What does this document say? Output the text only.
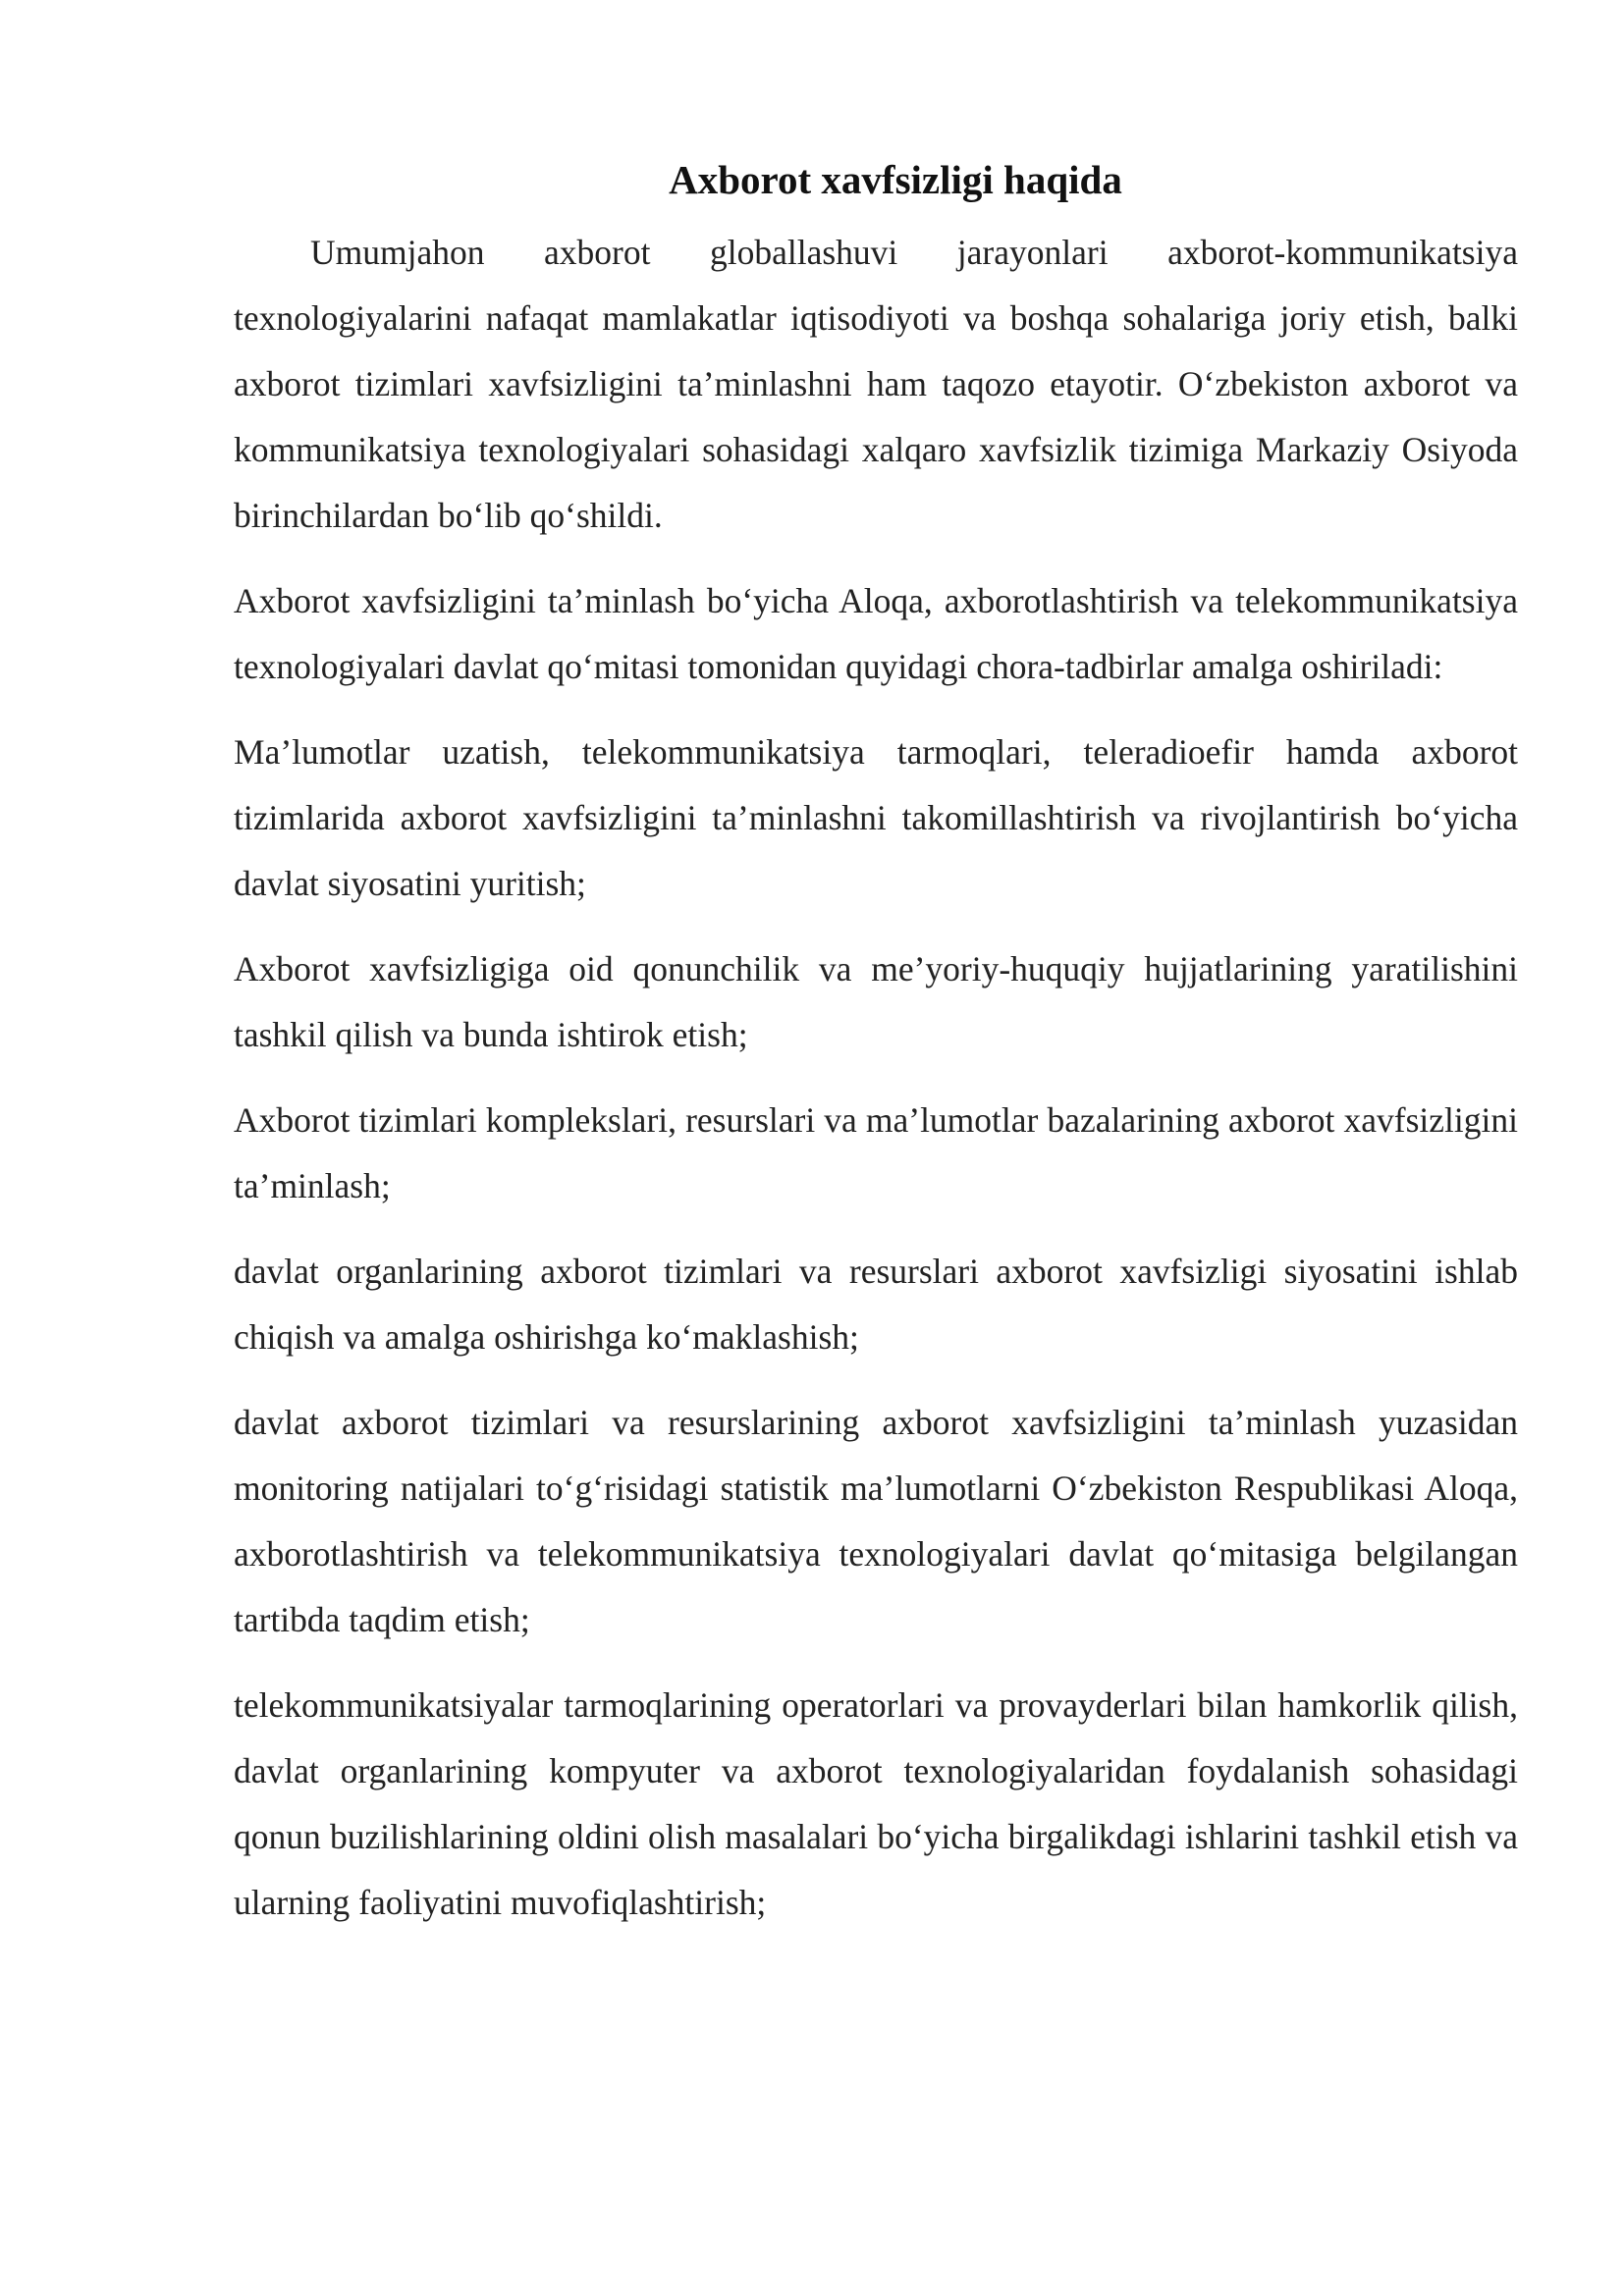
Axborot xavfsizligi haqida

Umumjahon axborot globallashuvi jarayonlari axborot-kommunikatsiya texnologiyalarini nafaqat mamlakatlar iqtisodiyoti va boshqa sohalariga joriy etish, balki axborot tizimlari xavfsizligini ta’minlashni ham taqozo etayotir. O‘zbekiston axborot va kommunikatsiya texnologiyalari sohasidagi xalqaro xavfsizlik tizimiga Markaziy Osiyoda birinchilardan bo‘lib qo‘shildi.

Axborot xavfsizligini ta’minlash bo‘yicha Aloqa, axborotlashtirish va telekommunikatsiya texnologiyalari davlat qo‘mitasi tomonidan quyidagi chora-tadbirlar amalga oshiriladi:

Ma’lumotlar uzatish, telekommunikatsiya tarmoqlari, teleradioefir hamda axborot tizimlarida axborot xavfsizligini ta’minlashni takomillashtirish va rivojlantirish bo‘yicha davlat siyosatini yuritish;

Axborot xavfsizligiga oid qonunchilik va me’yoriy-huquqiy hujjatlarining yaratilishini tashkil qilish va bunda ishtirok etish;

Axborot tizimlari komplekslari, resurslari va ma’lumotlar bazalarining axborot xavfsizligini ta’minlash;

davlat organlarining axborot tizimlari va resurslari axborot xavfsizligi siyosatini ishlab chiqish va amalga oshirishga ko‘maklashish;

davlat axborot tizimlari va resurslarining axborot xavfsizligini ta’minlash yuzasidan monitoring natijalari to‘g‘risidagi statistik ma’lumotlarni O‘zbekiston Respublikasi Aloqa, axborotlashtirish va telekommunikatsiya texnologiyalari davlat qo‘mitasiga belgilangan tartibda taqdim etish;

telekommunikatsiyalar tarmoqlarining operatorlari va provayderlari bilan hamkorlik qilish, davlat organlarining kompyuter va axborot texnologiyalaridan foydalanish sohasidagi qonun buzilishlarining oldini olish masalalari bo‘yicha birgalikdagi ishlarini tashkil etish va ularning faoliyatini muvofiqlashtirish;
